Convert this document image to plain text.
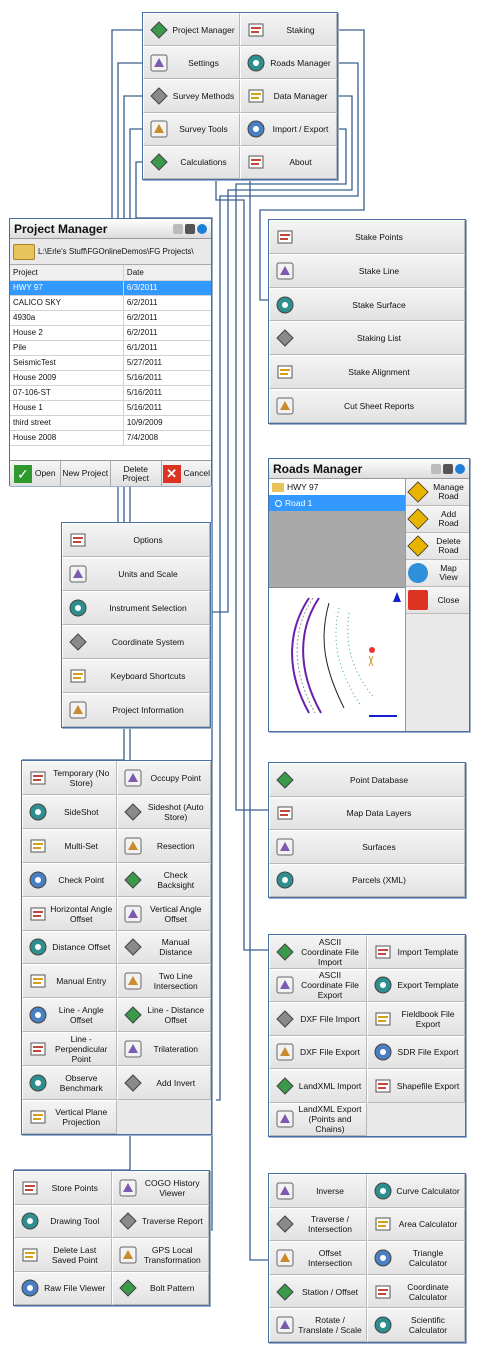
Project Manager	Staking
Settings	Roads Manager
Survey Methods	Data Manager
Survey Tools	Import / Export
Calculations	About
Project Manager
L:\Erle's Stuff\FGOnlineDemos\FG Projects\
Project	Date
HWY 97	6/3/2011
CALICO SKY	6/2/2011
4930a	6/2/2011
House 2	6/2/2011
Pile	6/1/2011
SeismicTest	5/27/2011
House 2009	5/16/2011
07-106-ST	5/16/2011
House 1	5/16/2011
third street	10/9/2009
House 2008	7/4/2008
✓ Open New Project	Delete Project	✕ Cancel
Stake Points
Stake Line
Stake Surface
Staking List
Stake Alignment
Cut Sheet Reports
Roads Manager
HWY 97
Road 1
Manage Road
Add Road
Delete Road
Map View
Close
Options
Units and Scale
Instrument Selection
Coordinate System
Keyboard Shortcuts
Project Information
Temporary (No Store)	Occupy Point
SideShot	Sideshot (Auto Store)
Multi-Set	Resection
Check Point	Check Backsight
Horizontal Angle Offset
Vertical Angle Offset
Distance Offset	Manual Distance
Manual Entry	Two Line Intersection
Line - Angle Offset
Line - Distance Offset
Line - Perpendicular Point
Trilateration
Observe Benchmark	Add Invert
Vertical Plane Projection
Point Database
Map Data Layers
Surfaces
Parcels (XML)
ASCII Coordinate File Import
Import Template
ASCII Coordinate File Export
Export Template
DXF File Import	Fieldbook File Export
DXF File Export	SDR File Export
LandXML Import	Shapefile Export
LandXML Export (Points and Chains)
Store Points	COGO History Viewer
Drawing Tool	Traverse Report
Delete Last Saved Point
GPS Local Transformation
Raw File Viewer	Bolt Pattern
Inverse	Curve Calculator
Traverse / Intersection	Area Calculator
Offset Intersection
Triangle Calculator
Station / Offset	Coordinate Calculator
Rotate / Translate / Scale
Scientific Calculator
